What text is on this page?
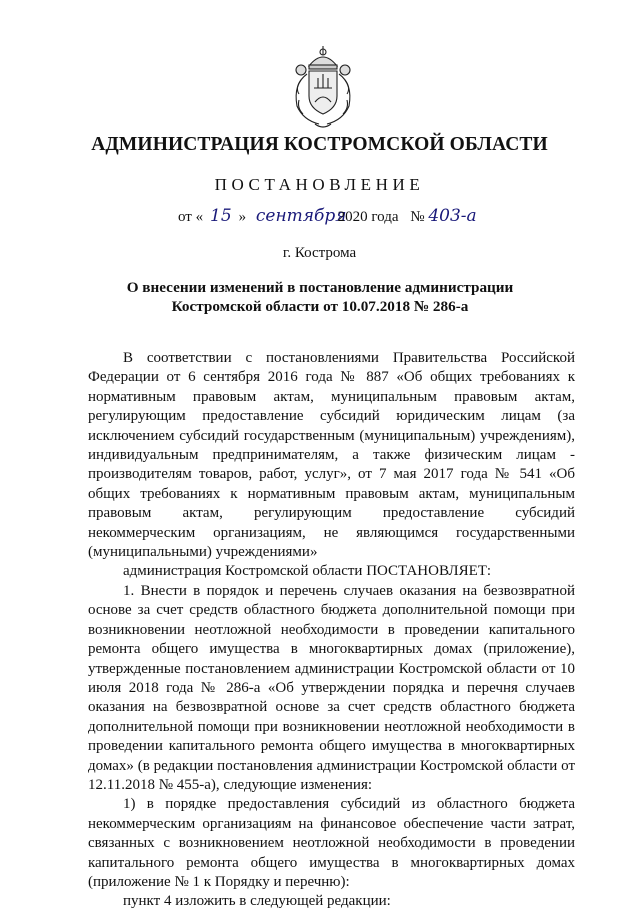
АДМИНИСТРАЦИЯ КОСТРОМСКОЙ ОБЛАСТИ
ПОСТАНОВЛЕНИЕ
от « 15 » сентября 2020 года № 403-а
г. Кострома
О внесении изменений в постановление администрации
Костромской области от 10.07.2018 № 286-а

В соответствии с постановлениями Правительства Российской Федерации от 6 сентября 2016 года № 887 «Об общих требованиях к нормативным правовым актам, муниципальным правовым актам, регулирующим предоставление субсидий юридическим лицам (за исключением субсидий государственным (муниципальным) учреждениям), индивидуальным предпринимателям, а также физическим лицам - производителям товаров, работ, услуг», от 7 мая 2017 года № 541 «Об общих требованиях к нормативным правовым актам, муниципальным правовым актам, регулирующим предоставление субсидий некоммерческим организациям, не являющимся государственными (муниципальными) учреждениями»

администрация Костромской области ПОСТАНОВЛЯЕТ:

1. Внести в порядок и перечень случаев оказания на безвозвратной основе за счет средств областного бюджета дополнительной помощи при возникновении неотложной необходимости в проведении капитального ремонта общего имущества в многоквартирных домах (приложение), утвержденные постановлением администрации Костромской области от 10 июля 2018 года № 286-а «Об утверждении порядка и перечня случаев оказания на безвозвратной основе за счет средств областного бюджета дополнительной помощи при возникновении неотложной необходимости в проведении капитального ремонта общего имущества в многоквартирных домах» (в редакции постановления администрации Костромской области от 12.11.2018 № 455-а), следующие изменения:

1) в порядке предоставления субсидий из областного бюджета некоммерческим организациям на финансовое обеспечение части затрат, связанных с возникновением неотложной необходимости в проведении капитального ремонта общего имущества в многоквартирных домах (приложение № 1 к Порядку и перечню):

пункт 4 изложить в следующей редакции:
